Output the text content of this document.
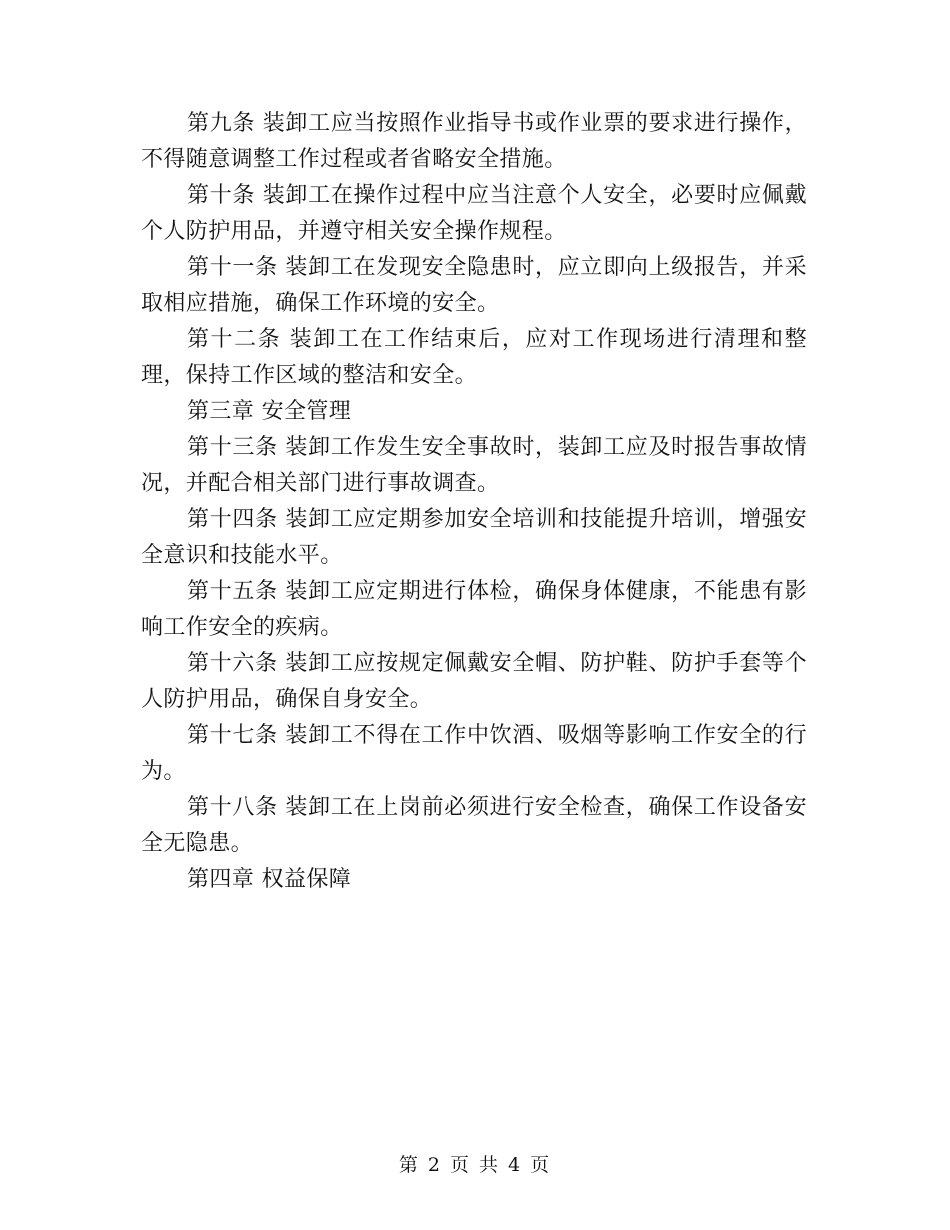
第九条 装卸工应当按照作业指导书或作业票的要求进行操作，不得随意调整工作过程或者省略安全措施。

第十条 装卸工在操作过程中应当注意个人安全，必要时应佩戴个人防护用品，并遵守相关安全操作规程。

第十一条 装卸工在发现安全隐患时，应立即向上级报告，并采取相应措施，确保工作环境的安全。

第十二条 装卸工在工作结束后，应对工作现场进行清理和整理，保持工作区域的整洁和安全。

第三章 安全管理

第十三条 装卸工作发生安全事故时，装卸工应及时报告事故情况，并配合相关部门进行事故调查。

第十四条 装卸工应定期参加安全培训和技能提升培训，增强安全意识和技能水平。

第十五条 装卸工应定期进行体检，确保身体健康，不能患有影响工作安全的疾病。

第十六条 装卸工应按规定佩戴安全帽、防护鞋、防护手套等个人防护用品，确保自身安全。

第十七条 装卸工不得在工作中饮酒、吸烟等影响工作安全的行为。

第十八条 装卸工在上岗前必须进行安全检查，确保工作设备安全无隐患。

第四章 权益保障

第 2 页 共 4 页
